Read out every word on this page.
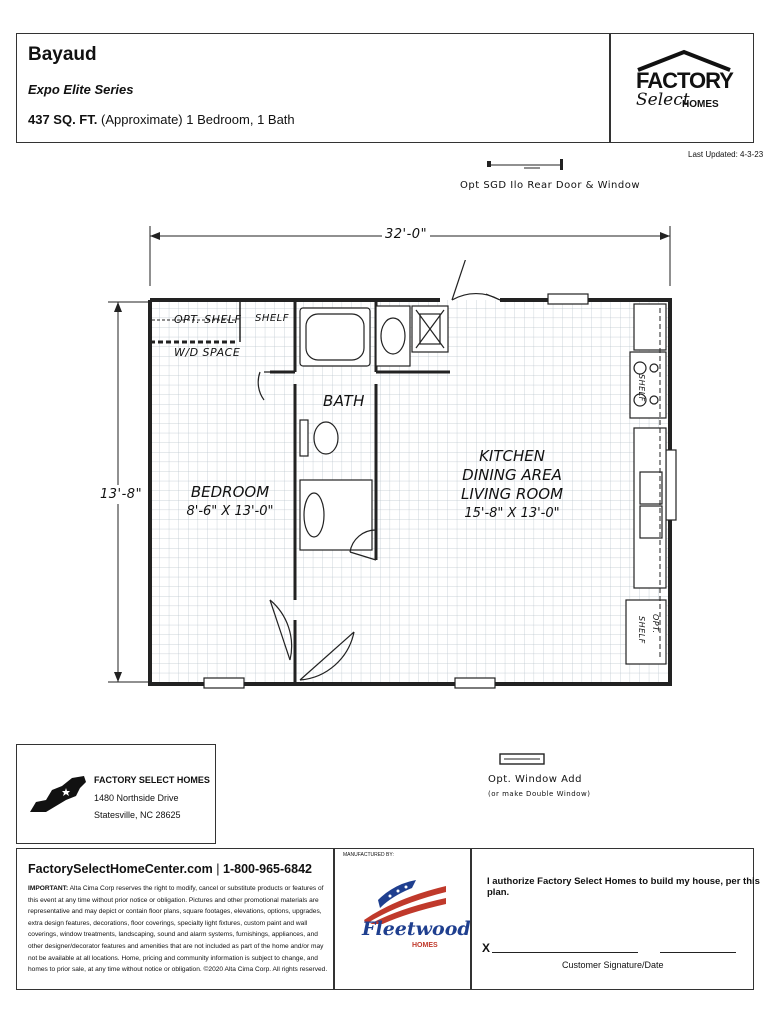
Bayaud
Expo Elite Series
437 SQ. FT. (Approximate) 1 Bedroom, 1 Bath
FACTORY
Select
HOMES
Last Updated: 4-3-23
Opt SGD Ilo Rear Door & Window
32'-0"
13'-8"
OPT. SHELF SHELF
W/D SPACE
BATH
BEDROOM
8'-6" X 13'-0"
KITCHEN
DINING AREA
LIVING ROOM
15'-8" X 13'-0"
SHELF
OPT.
SHELF
Opt. Window Add
(or make Double Window)
FACTORY SELECT HOMES
1480 Northside Drive
Statesville, NC 28625
FactorySelectHomeCenter.com | 1-800-965-6842
IMPORTANT: Alta Cima Corp reserves the right to modify, cancel or substitute products or features of this event at any time without prior notice or obligation. Pictures and other promotional materials are representative and may depict or contain floor plans, square footages, elevations, options, upgrades, extra design features, decorations, floor coverings, specialty light fixtures, custom paint and wall coverings, window treatments, landscaping, sound and alarm systems, furnishings, appliances, and other designer/decorator features and amenities that are not included as part of the home and/or may not be available at all locations. Home, pricing and community information is subject to change, and homes to prior sale, at any time without notice or obligation. ©2020 Alta Cima Corp. All rights reserved.
MANUFACTURED BY:
Fleetwood
HOMES
I authorize Factory Select Homes to build my house, per this plan.
X
Customer Signature/Date
